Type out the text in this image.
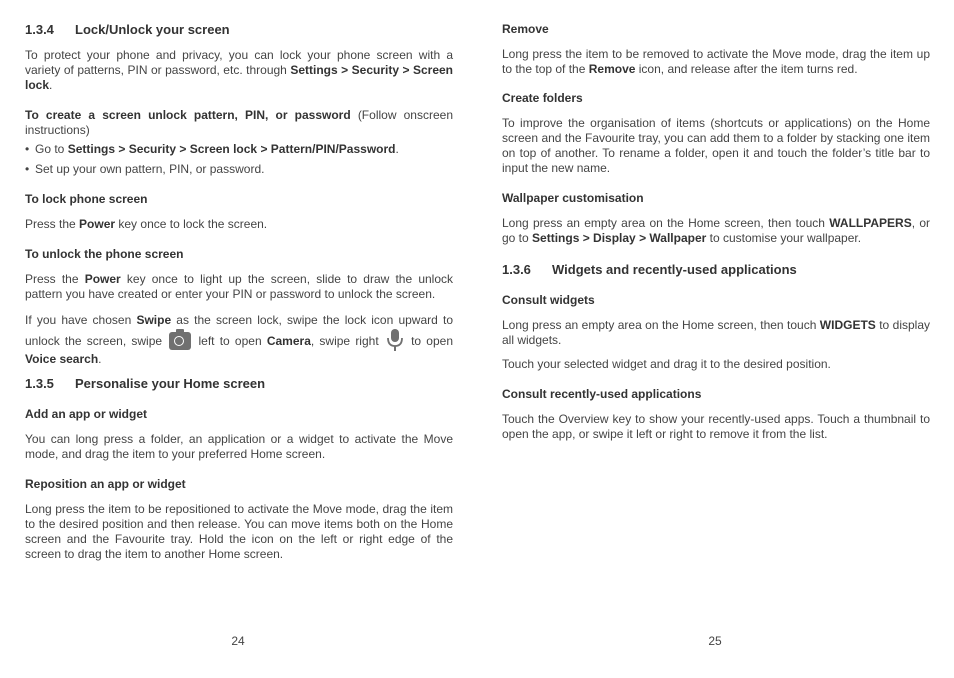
1.3.4 Lock/Unlock your screen

To protect your phone and privacy, you can lock your phone screen with a variety of patterns, PIN or password, etc. through Settings > Security > Screen lock.

To create a screen unlock pattern, PIN, or password (Follow onscreen instructions)

• Go to Settings > Security > Screen lock > Pattern/PIN/Password.
• Set up your own pattern, PIN, or password.
To lock phone screen

Press the Power key once to lock the screen.

To unlock the phone screen

Press the Power key once to light up the screen, slide to draw the unlock pattern you have created or enter your PIN or password to unlock the screen.

If you have chosen Swipe as the screen lock, swipe the lock icon upward to unlock the screen, swipe  left to open Camera, swipe right  to open Voice search.

1.3.5 Personalise your Home screen
Add an app or widget

You can long press a folder, an application or a widget to activate the Move mode, and drag the item to your preferred Home screen.

Reposition an app or widget

Long press the item to be repositioned to activate the Move mode, drag the item to the desired position and then release. You can move items both on the Home screen and the Favourite tray. Hold the icon on the left or right edge of the screen to drag the item to another Home screen.

24
Remove

Long press the item to be removed to activate the Move mode, drag the item up to the top of the Remove icon, and release after the item turns red.

Create folders

To improve the organisation of items (shortcuts or applications) on the Home screen and the Favourite tray, you can add them to a folder by stacking one item on top of another. To rename a folder, open it and touch the folder’s title bar to input the new name.

Wallpaper customisation

Long press an empty area on the Home screen, then touch WALLPAPERS, or go to Settings > Display > Wallpaper to customise your wallpaper.

1.3.6 Widgets and recently-used applications
Consult widgets

Long press an empty area on the Home screen, then touch WIDGETS to display all widgets.

Touch your selected widget and drag it to the desired position.

Consult recently-used applications

Touch the Overview key to show your recently-used apps. Touch a thumbnail to open the app, or swipe it left or right to remove it from the list.

25
